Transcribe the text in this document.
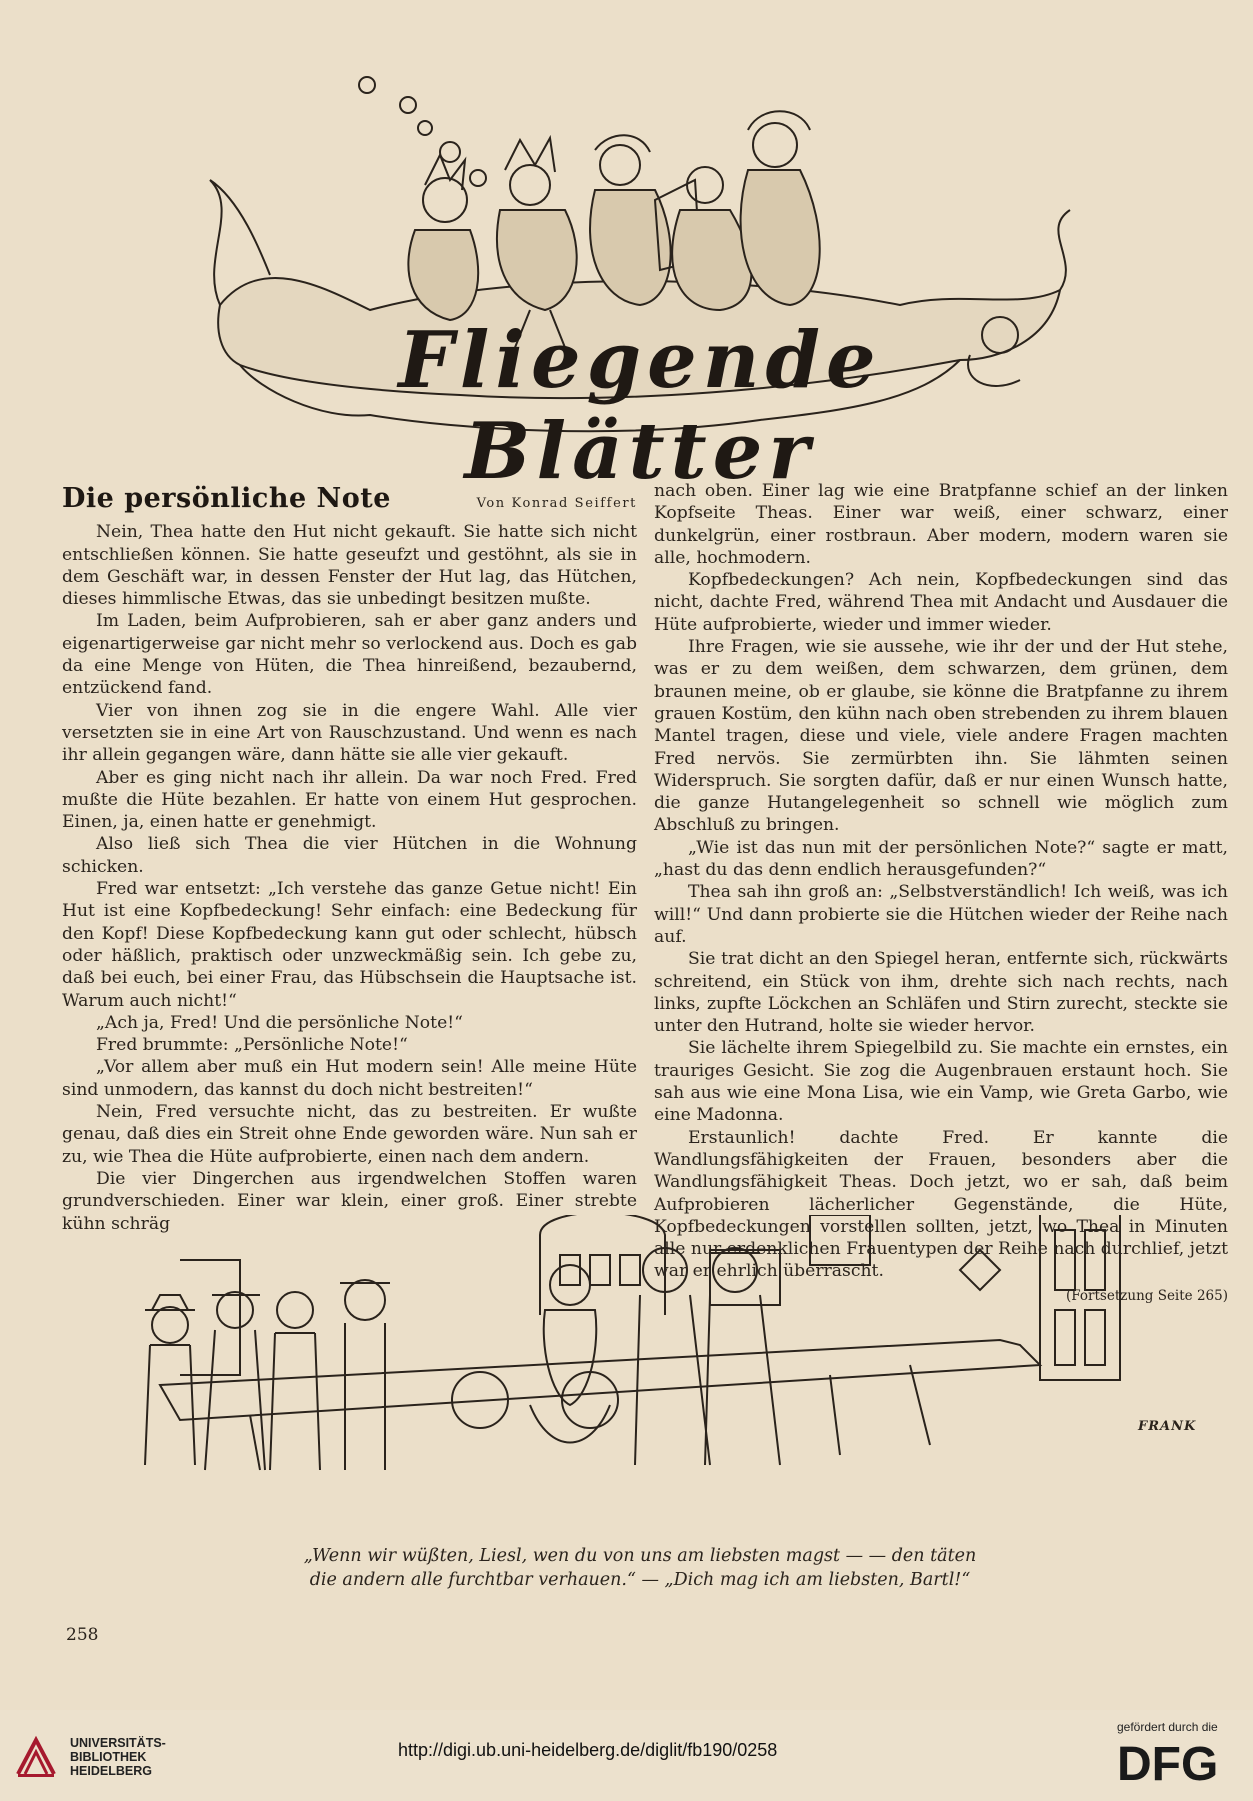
Fliegende Blätter
Die persönliche Note	Von Konrad Seiffert

Nein, Thea hatte den Hut nicht gekauft. Sie hatte sich nicht entschließen können. Sie hatte geseufzt und gestöhnt, als sie in dem Geschäft war, in dessen Fenster der Hut lag, das Hütchen, dieses himmlische Etwas, das sie unbedingt besitzen mußte.

Im Laden, beim Aufprobieren, sah er aber ganz anders und eigenartigerweise gar nicht mehr so verlockend aus. Doch es gab da eine Menge von Hüten, die Thea hinreißend, bezaubernd, entzückend fand.

Vier von ihnen zog sie in die engere Wahl. Alle vier versetzten sie in eine Art von Rauschzustand. Und wenn es nach ihr allein gegangen wäre, dann hätte sie alle vier gekauft.

Aber es ging nicht nach ihr allein. Da war noch Fred. Fred mußte die Hüte bezahlen. Er hatte von einem Hut gesprochen. Einen, ja, einen hatte er genehmigt.

Also ließ sich Thea die vier Hütchen in die Wohnung schicken.

Fred war entsetzt: „Ich verstehe das ganze Getue nicht! Ein Hut ist eine Kopfbedeckung! Sehr einfach: eine Bedeckung für den Kopf! Diese Kopfbedeckung kann gut oder schlecht, hübsch oder häßlich, praktisch oder unzweckmäßig sein. Ich gebe zu, daß bei euch, bei einer Frau, das Hübschsein die Hauptsache ist. Warum auch nicht!“

„Ach ja, Fred! Und die persönliche Note!“

Fred brummte: „Persönliche Note!“

„Vor allem aber muß ein Hut modern sein! Alle meine Hüte sind unmodern, das kannst du doch nicht bestreiten!“

Nein, Fred versuchte nicht, das zu bestreiten. Er wußte genau, daß dies ein Streit ohne Ende geworden wäre. Nun sah er zu, wie Thea die Hüte aufprobierte, einen nach dem andern.

Die vier Dingerchen aus irgendwelchen Stoffen waren grundverschieden. Einer war klein, einer groß. Einer strebte kühn schräg

nach oben. Einer lag wie eine Bratpfanne schief an der linken Kopfseite Theas. Einer war weiß, einer schwarz, einer dunkelgrün, einer rostbraun. Aber modern, modern waren sie alle, hochmodern.

Kopfbedeckungen? Ach nein, Kopfbedeckungen sind das nicht, dachte Fred, während Thea mit Andacht und Ausdauer die Hüte aufprobierte, wieder und immer wieder.

Ihre Fragen, wie sie aussehe, wie ihr der und der Hut stehe, was er zu dem weißen, dem schwarzen, dem grünen, dem braunen meine, ob er glaube, sie könne die Bratpfanne zu ihrem grauen Kostüm, den kühn nach oben strebenden zu ihrem blauen Mantel tragen, diese und viele, viele andere Fragen machten Fred nervös. Sie zermürbten ihn. Sie lähmten seinen Widerspruch. Sie sorgten dafür, daß er nur einen Wunsch hatte, die ganze Hutangelegenheit so schnell wie möglich zum Abschluß zu bringen.

„Wie ist das nun mit der persönlichen Note?“ sagte er matt, „hast du das denn endlich herausgefunden?“

Thea sah ihn groß an: „Selbstverständlich! Ich weiß, was ich will!“ Und dann probierte sie die Hütchen wieder der Reihe nach auf.

Sie trat dicht an den Spiegel heran, entfernte sich, rückwärts schreitend, ein Stück von ihm, drehte sich nach rechts, nach links, zupfte Löckchen an Schläfen und Stirn zurecht, steckte sie unter den Hutrand, holte sie wieder hervor.

Sie lächelte ihrem Spiegelbild zu. Sie machte ein ernstes, ein trauriges Gesicht. Sie zog die Augenbrauen erstaunt hoch. Sie sah aus wie eine Mona Lisa, wie ein Vamp, wie Greta Garbo, wie eine Madonna.

Erstaunlich! dachte Fred. Er kannte die Wandlungsfähigkeiten der Frauen, besonders aber die Wandlungsfähigkeit Theas. Doch jetzt, wo er sah, daß beim Aufprobieren lächerlicher Gegenstände, die Hüte, Kopfbedeckungen vorstellen sollten, jetzt, wo Thea in Minuten alle nur erdenklichen Frauentypen der Reihe nach durchlief, jetzt war er ehrlich überrascht.

(Fortsetzung Seite 265)
FRANK
„Wenn wir wüßten, Liesl, wen du von uns am liebsten magst — — den täten
die andern alle furchtbar verhauen.“ — „Dich mag ich am liebsten, Bartl!“
258
UNIVERSITÄTS-
BIBLIOTHEK
HEIDELBERG
http://digi.ub.uni-heidelberg.de/diglit/fb190/0258
gefördert durch die
DFG
